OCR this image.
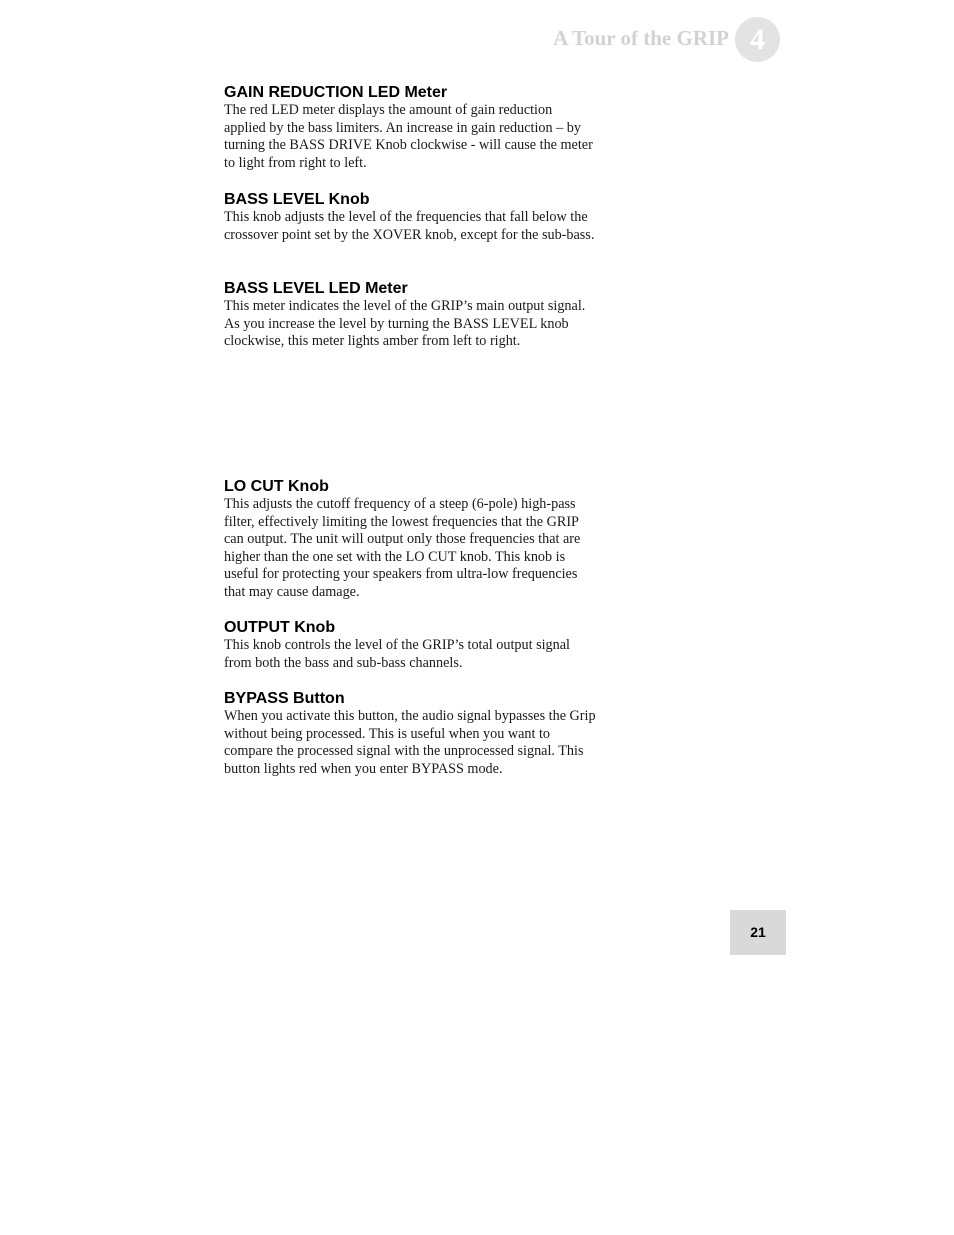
A Tour of the GRIP 4
GAIN REDUCTION LED Meter

The red LED meter displays the amount of gain reduction applied by the bass limiters. An increase in gain reduction – by turning the BASS DRIVE Knob clockwise - will cause the meter to light from right to left.

BASS LEVEL Knob

This knob adjusts the level of the frequencies that fall below the crossover point set by the XOVER knob, except for the sub-bass.

BASS LEVEL LED Meter

This meter indicates the level of the GRIP’s main output signal. As you increase the level by turning the BASS LEVEL knob clockwise, this meter lights amber from left to right.

LO CUT Knob

This adjusts the cutoff frequency of a steep (6-pole) high-pass filter, effectively limiting the lowest frequencies that the GRIP can output. The unit will output only those frequencies that are higher than the one set with the LO CUT knob. This knob is useful for protecting your speakers from ultra-low frequencies that may cause damage.

OUTPUT Knob

This knob controls the level of the GRIP’s total output signal from both the bass and sub-bass channels.

BYPASS Button

When you activate this button, the audio signal bypasses the Grip without being processed. This is useful when you want to compare the processed signal with the unprocessed signal. This button lights red when you enter BYPASS mode.

21
